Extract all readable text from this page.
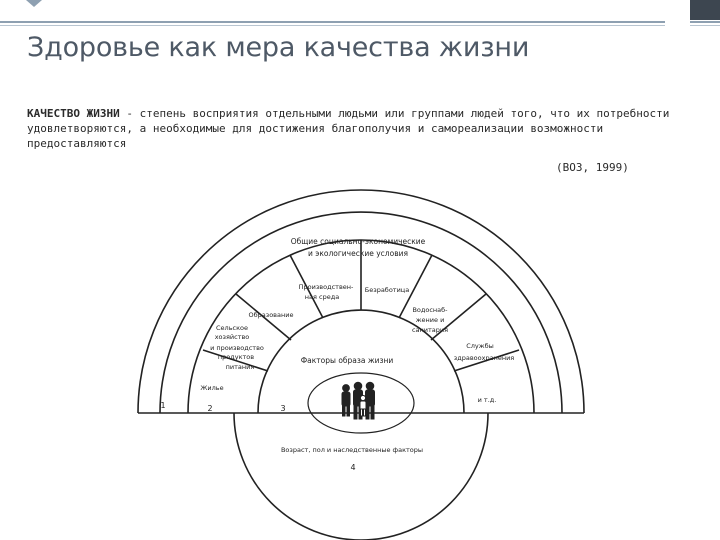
Здоровье как мера качества жизни

КАЧЕСТВО ЖИЗНИ - степень восприятия отдельными людьми или группами людей того, что их потребности удовлетворяются, а необходимые для достижения благополучия и самореализации возможности предоставляются

(ВОЗ, 1999)
Общие социально-экономические
и экологические условия
Производствен-
ная среда
Безработица
Образование
Водоснаб-
жение и
санитария
Сельское
хозяйство
и производство
продуктов
питания
Службы
здравоохранения
Жилье
и т.д.
Факторы образа жизни
Возраст, пол и наследственные факторы
1	2	3
4
